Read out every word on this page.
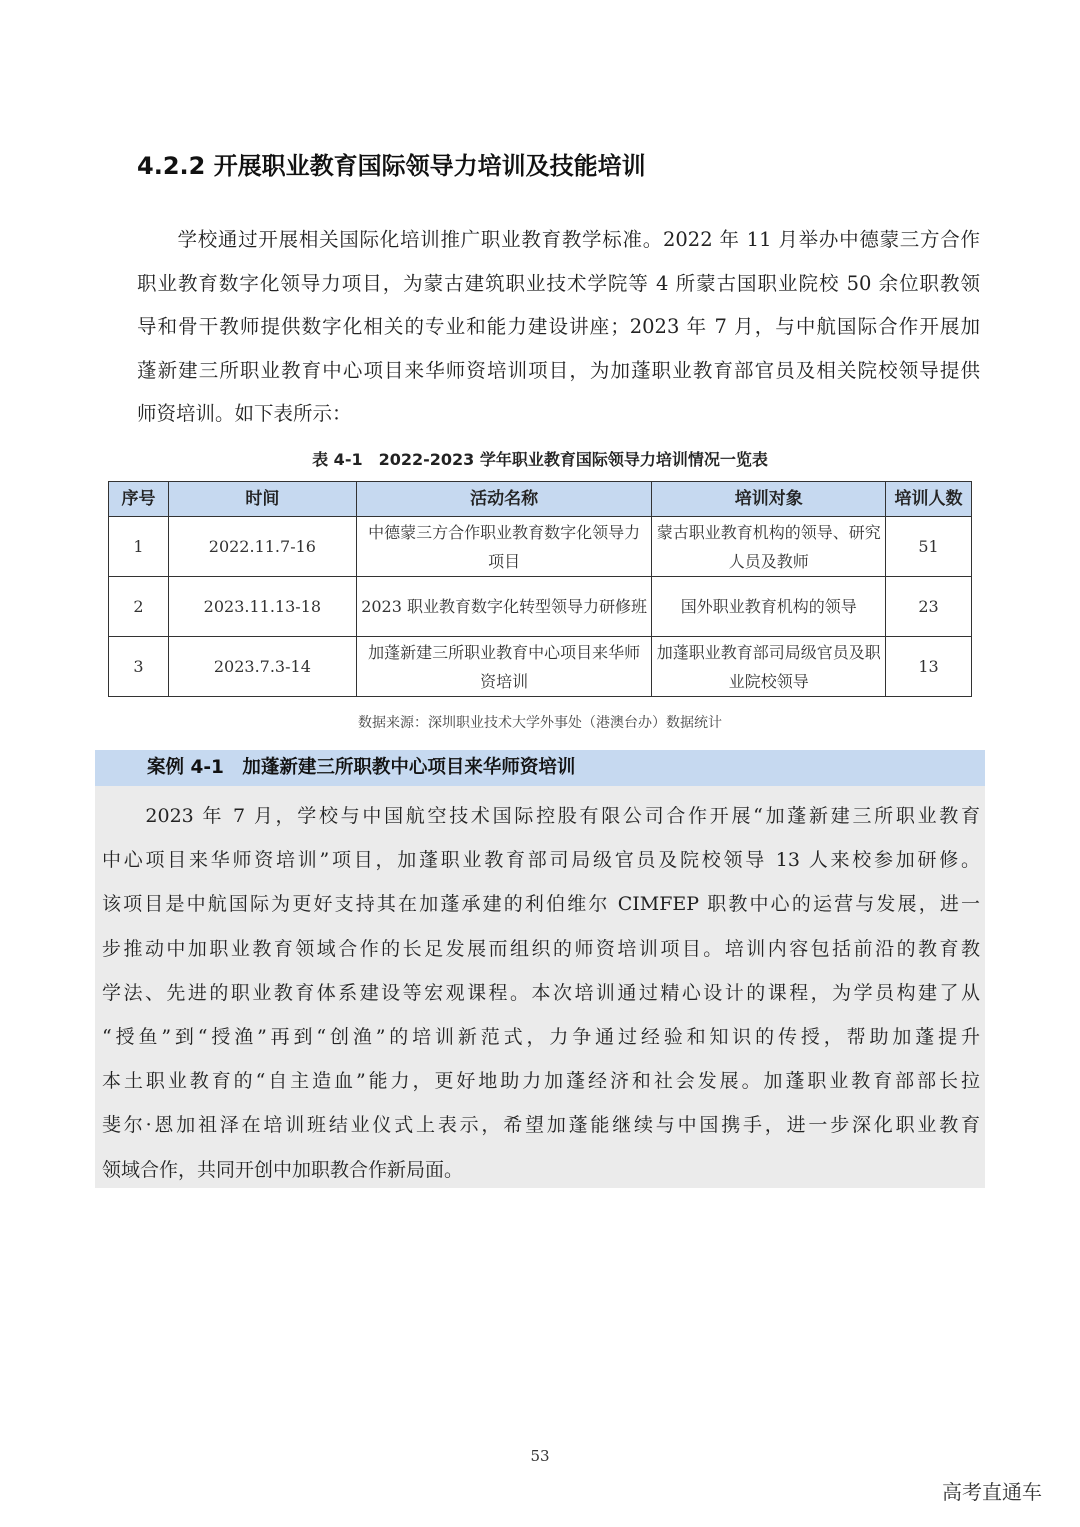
4.2.2 开展职业教育国际领导力培训及技能培训
　　学校通过开展相关国际化培训推广职业教育教学标准。2022 年 11 月举办中德蒙三方合作
职业教育数字化领导力项目，为蒙古建筑职业技术学院等 4 所蒙古国职业院校 50 余位职教领
导和骨干教师提供数字化相关的专业和能力建设讲座；2023 年 7 月，与中航国际合作开展加
蓬新建三所职业教育中心项目来华师资培训项目，为加蓬职业教育部官员及相关院校领导提供
师资培训。如下表所示：
表 4-1　2022-2023 学年职业教育国际领导力培训情况一览表
序号	时间	活动名称	培训对象	培训人数
1	2022.11.7-16	中德蒙三方合作职业教育数字化领导力项目	蒙古职业教育机构的领导、研究人员及教师	51
2	2023.11.13-18	2023 职业教育数字化转型领导力研修班	国外职业教育机构的领导	23
3	2023.7.3-14	加蓬新建三所职业教育中心项目来华师资培训	加蓬职业教育部司局级官员及职业院校领导	13
数据来源：深圳职业技术大学外事处（港澳台办）数据统计
案例 4-1　加蓬新建三所职教中心项目来华师资培训
　　2023 年 7 月，学校与中国航空技术国际控股有限公司合作开展“加蓬新建三所职业教育
中心项目来华师资培训”项目，加蓬职业教育部司局级官员及院校领导 13 人来校参加研修。
该项目是中航国际为更好支持其在加蓬承建的利伯维尔 CIMFEP 职教中心的运营与发展，进一
步推动中加职业教育领域合作的长足发展而组织的师资培训项目。培训内容包括前沿的教育教
学法、先进的职业教育体系建设等宏观课程。本次培训通过精心设计的课程，为学员构建了从
“授鱼”到“授渔”再到“创渔”的培训新范式，力争通过经验和知识的传授，帮助加蓬提升
本土职业教育的“自主造血”能力，更好地助力加蓬经济和社会发展。加蓬职业教育部部长拉
斐尔·恩加祖泽在培训班结业仪式上表示，希望加蓬能继续与中国携手，进一步深化职业教育
领域合作，共同开创中加职教合作新局面。
53
高考直通车
